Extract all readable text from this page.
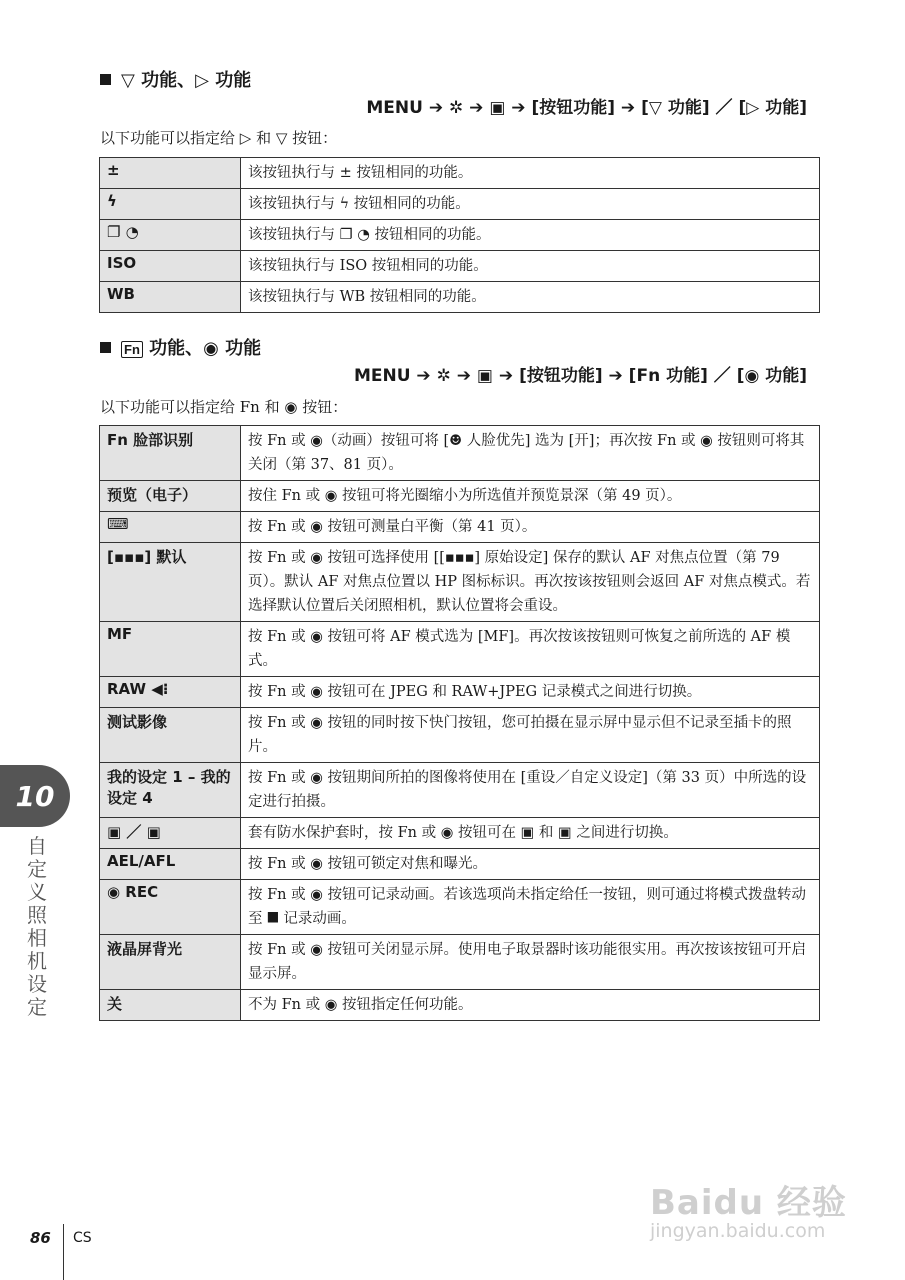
▽ 功能、▷ 功能
MENU ➔ ✲ ➔ ▣ ➔ [按钮功能] ➔ [▽ 功能] ／ [▷ 功能]
以下功能可以指定给 ▷ 和 ▽ 按钮：
±	该按钮执行与 ± 按钮相同的功能。
ϟ	该按钮执行与 ϟ 按钮相同的功能。
❐ ◔	该按钮执行与 ❐ ◔ 按钮相同的功能。
ISO	该按钮执行与 ISO 按钮相同的功能。
WB	该按钮执行与 WB 按钮相同的功能。
Fn 功能、◉ 功能
MENU ➔ ✲ ➔ ▣ ➔ [按钮功能] ➔ [Fn 功能] ／ [◉ 功能]
以下功能可以指定给 Fn 和 ◉ 按钮：
Fn 脸部识别	按 Fn 或 ◉（动画）按钮可将 [☻ 人脸优先] 选为 [开]；再次按 Fn 或 ◉ 按钮则可将其关闭（第 37、81 页）。
预览（电子）	按住 Fn 或 ◉ 按钮可将光圈缩小为所选值并预览景深（第 49 页）。
⌨	按 Fn 或 ◉ 按钮可测量白平衡（第 41 页）。
[▪▪▪] 默认	按 Fn 或 ◉ 按钮可选择使用 [[▪▪▪] 原始设定] 保存的默认 AF 对焦点位置（第 79 页）。默认 AF 对焦点位置以 HP 图标标识。再次按该按钮则会返回 AF 对焦点模式。若选择默认位置后关闭照相机，默认位置将会重设。
MF	按 Fn 或 ◉ 按钮可将 AF 模式选为 [MF]。再次按该按钮则可恢复之前所选的 AF 模式。
RAW ◀⁝	按 Fn 或 ◉ 按钮可在 JPEG 和 RAW+JPEG 记录模式之间进行切换。
测试影像	按 Fn 或 ◉ 按钮的同时按下快门按钮，您可拍摄在显示屏中显示但不记录至插卡的照片。
我的设定 1 – 我的设定 4	按 Fn 或 ◉ 按钮期间所拍的图像将使用在 [重设／自定义设定]（第 33 页）中所选的设定进行拍摄。
▣ ／ ▣	套有防水保护套时，按 Fn 或 ◉ 按钮可在 ▣ 和 ▣ 之间进行切换。
AEL/AFL	按 Fn 或 ◉ 按钮可锁定对焦和曝光。
◉ REC	按 Fn 或 ◉ 按钮可记录动画。若该选项尚未指定给任一按钮，则可通过将模式拨盘转动至 ⯀ 记录动画。
液晶屏背光	按 Fn 或 ◉ 按钮可关闭显示屏。使用电子取景器时该功能很实用。再次按该按钮可开启显示屏。
关	不为 Fn 或 ◉ 按钮指定任何功能。
10
自定义照相机设定
86 CS
Baidu 经验
jingyan.baidu.com
